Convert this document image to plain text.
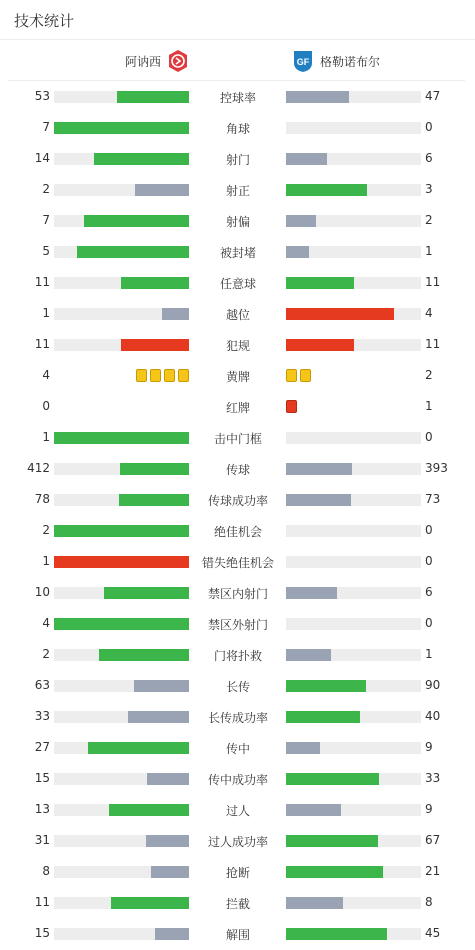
技术统计
阿讷西	GF 格勒诺布尔
53	控球率	47
7	角球	0
14	射门	6
2	射正	3
7	射偏	2
5	被封堵	1
11	任意球	11
1	越位	4
11	犯规	11
4	黄牌	2
0	红牌	1
1	击中门框	0
412	传球	393
78	传球成功率	73
2	绝佳机会	0
1	错失绝佳机会	0
10	禁区内射门	6
4	禁区外射门	0
2	门将扑救	1
63	长传	90
33	长传成功率	40
27	传中	9
15	传中成功率	33
13	过人	9
31	过人成功率	67
8	抢断	21
11	拦截	8
15	解围	45
